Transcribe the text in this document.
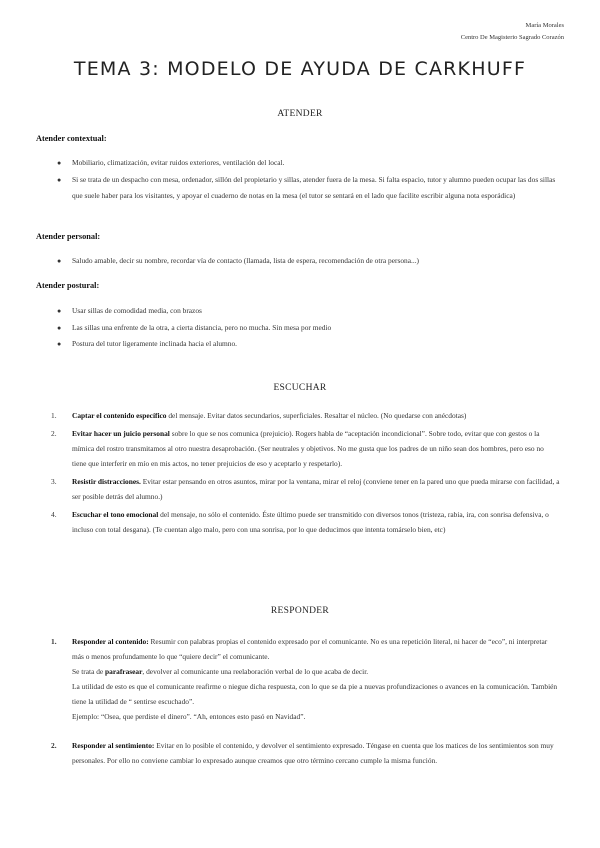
María Morales
Centro De Magisterio Sagrado Corazón
TEMA 3: MODELO DE AYUDA DE CARKHUFF
ATENDER
Atender contextual:
● Mobiliario, climatización, evitar ruidos exteriores, ventilación del local.
● Si se trata de un despacho con mesa, ordenador, sillón del propietario y sillas, atender fuera de la mesa. Si falta espacio, tutor y alumno pueden ocupar las dos sillas que suele haber para los visitantes, y apoyar el cuaderno de notas en la mesa (el tutor se sentará en el lado que facilite escribir alguna nota esporádica)
Atender personal:
● Saludo amable, decir su nombre, recordar vía de contacto (llamada, lista de espera, recomendación de otra persona...)
Atender postural:
● Usar sillas de comodidad media, con brazos
● Las sillas una enfrente de la otra, a cierta distancia, pero no mucha. Sin mesa por medio
● Postura del tutor ligeramente inclinada hacia el alumno.
ESCUCHAR
1. Captar el contenido específico del mensaje. Evitar datos secundarios, superficiales. Resaltar el núcleo. (No quedarse con anécdotas)
2. Evitar hacer un juicio personal sobre lo que se nos comunica (prejuicio). Rogers habla de “aceptación incondicional”. Sobre todo, evitar que con gestos o la mímica del rostro transmitamos al otro nuestra desaprobación. (Ser neutrales y objetivos. No me gusta que los padres de un niño sean dos hombres, pero eso no tiene que interferir en mío en mis actos, no tener prejuicios de eso y aceptarlo y respetarlo).
3. Resistir distracciones. Evitar estar pensando en otros asuntos, mirar por la ventana, mirar el reloj (conviene tener en la pared uno que pueda mirarse con facilidad, a ser posible detrás del alumno.)
4. Escuchar el tono emocional del mensaje, no sólo el contenido. Éste último puede ser transmitido con diversos tonos (tristeza, rabia, ira, con sonrisa defensiva, o incluso con total desgana). (Te cuentan algo malo, pero con una sonrisa, por lo que deducimos que intenta tomárselo bien, etc)
RESPONDER
1. Responder al contenido: Resumir con palabras propias el contenido expresado por el comunicante. No es una repetición literal, ni hacer de “eco”, ni interpretar más o menos profundamente lo que “quiere decir” el comunicante.
Se trata de parafrasear, devolver al comunicante una reelaboración verbal de lo que acaba de decir.
La utilidad de esto es que el comunicante reafirme o niegue dicha respuesta, con lo que se da pie a nuevas profundizaciones o avances en la comunicación. También tiene la utilidad de “ sentirse escuchado”.
Ejemplo: “Osea, que perdiste el dinero”. “Ah, entonces esto pasó en Navidad”.
2. Responder al sentimiento: Evitar en lo posible el contenido, y devolver el sentimiento expresado. Téngase en cuenta que los matices de los sentimientos son muy personales. Por ello no conviene cambiar lo expresado aunque creamos que otro término cercano cumple la misma función.
